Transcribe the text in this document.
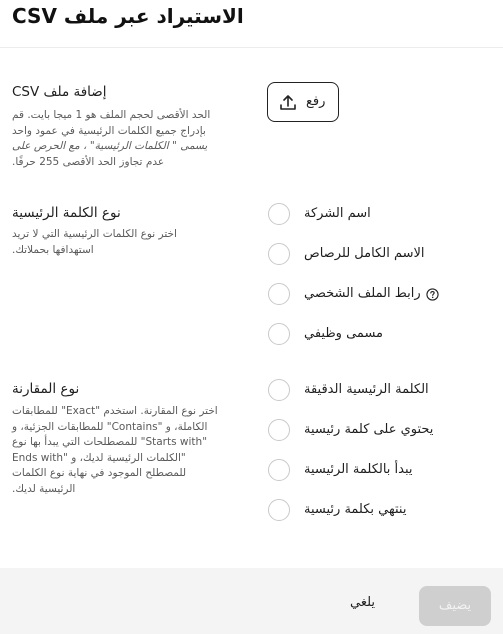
الاستيراد عبر ملف CSV
إضافة ملف CSV
الحد الأقصى لحجم الملف هو 1 ميجا بايت. قم
بإدراج جميع الكلمات الرئيسية في عمود واحد
يسمى " الكلمات الرئيسية" ، مع الحرص على
عدم تجاوز الحد الأقصى 255 حرفًا.
رفع
نوع الكلمة الرئيسية
اختر نوع الكلمات الرئيسية التي لا تريد
استهدافها بحملاتك.
اسم الشركة
الاسم الكامل للرصاص
رابط الملف الشخصي
مسمى وظيفي
نوع المقارنة
اختر نوع المقارنة. استخدم "Exact" للمطابقات
الكاملة، و "Contains" للمطابقات الجزئية، و
"Starts with" للمصطلحات التي يبدأ بها نوع
"الكلمات الرئيسية لديك، و "Ends with
للمصطلح الموجود في نهاية نوع الكلمات
الرئيسية لديك.
الكلمة الرئيسية الدقيقة
يحتوي على كلمة رئيسية
يبدأ بالكلمة الرئيسية
ينتهي بكلمة رئيسية
يلغي	يضيف
